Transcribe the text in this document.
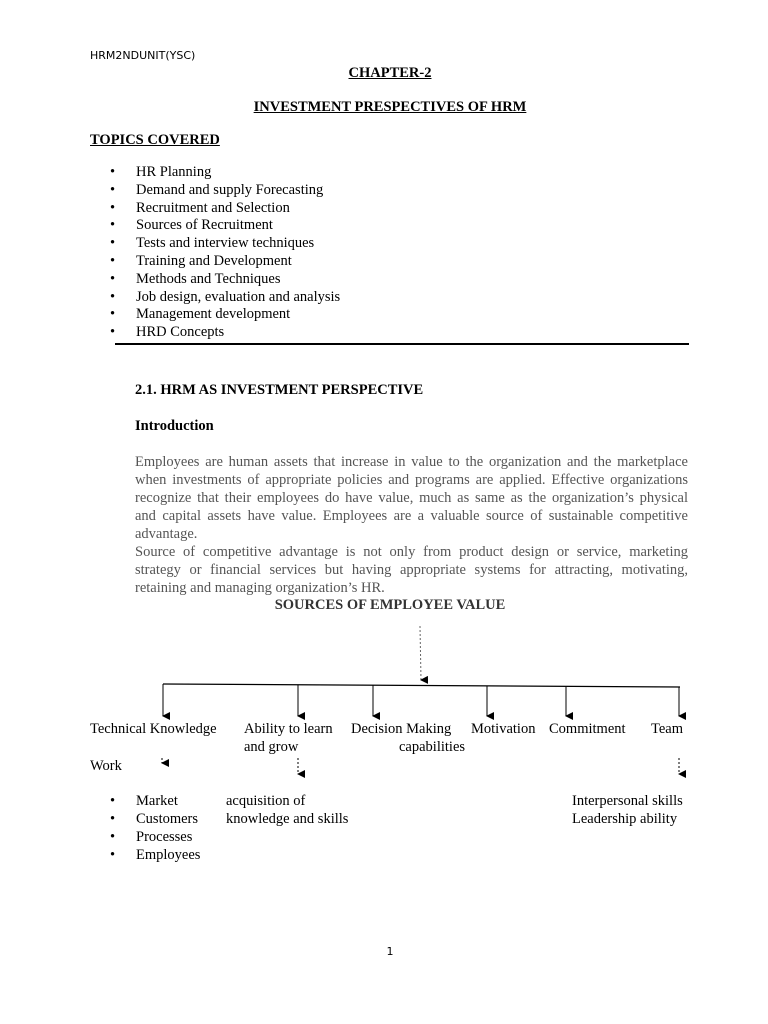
HRM2NDUNIT(YSC)
CHAPTER-2
INVESTMENT PRESPECTIVES OF HRM
TOPICS COVERED
• HR Planning
• Demand and supply Forecasting
• Recruitment and Selection
• Sources of Recruitment
• Tests and interview techniques
• Training and Development
• Methods and Techniques
• Job design, evaluation and analysis
• Management development
• HRD Concepts
2.1. HRM AS INVESTMENT PERSPECTIVE
Introduction
Employees are human assets that increase in value to the organization and the marketplace
when investments of appropriate policies and programs are applied. Effective organizations
recognize that their employees do have value, much as same as the organization’s physical
and capital assets have value. Employees are a valuable source of sustainable competitive
advantage.
Source of competitive advantage is not only from product design or service, marketing
strategy or financial services but having appropriate systems for attracting, motivating,
retaining and managing organization’s HR.
SOURCES OF EMPLOYEE VALUE
Technical Knowledge
Work
Ability to learn
and grow
Decision Making
capabilities
Motivation Commitment Team
• Market
• Customers
• Processes
• Employees
acquisition of
knowledge and skills
Interpersonal skills
Leadership ability
1
